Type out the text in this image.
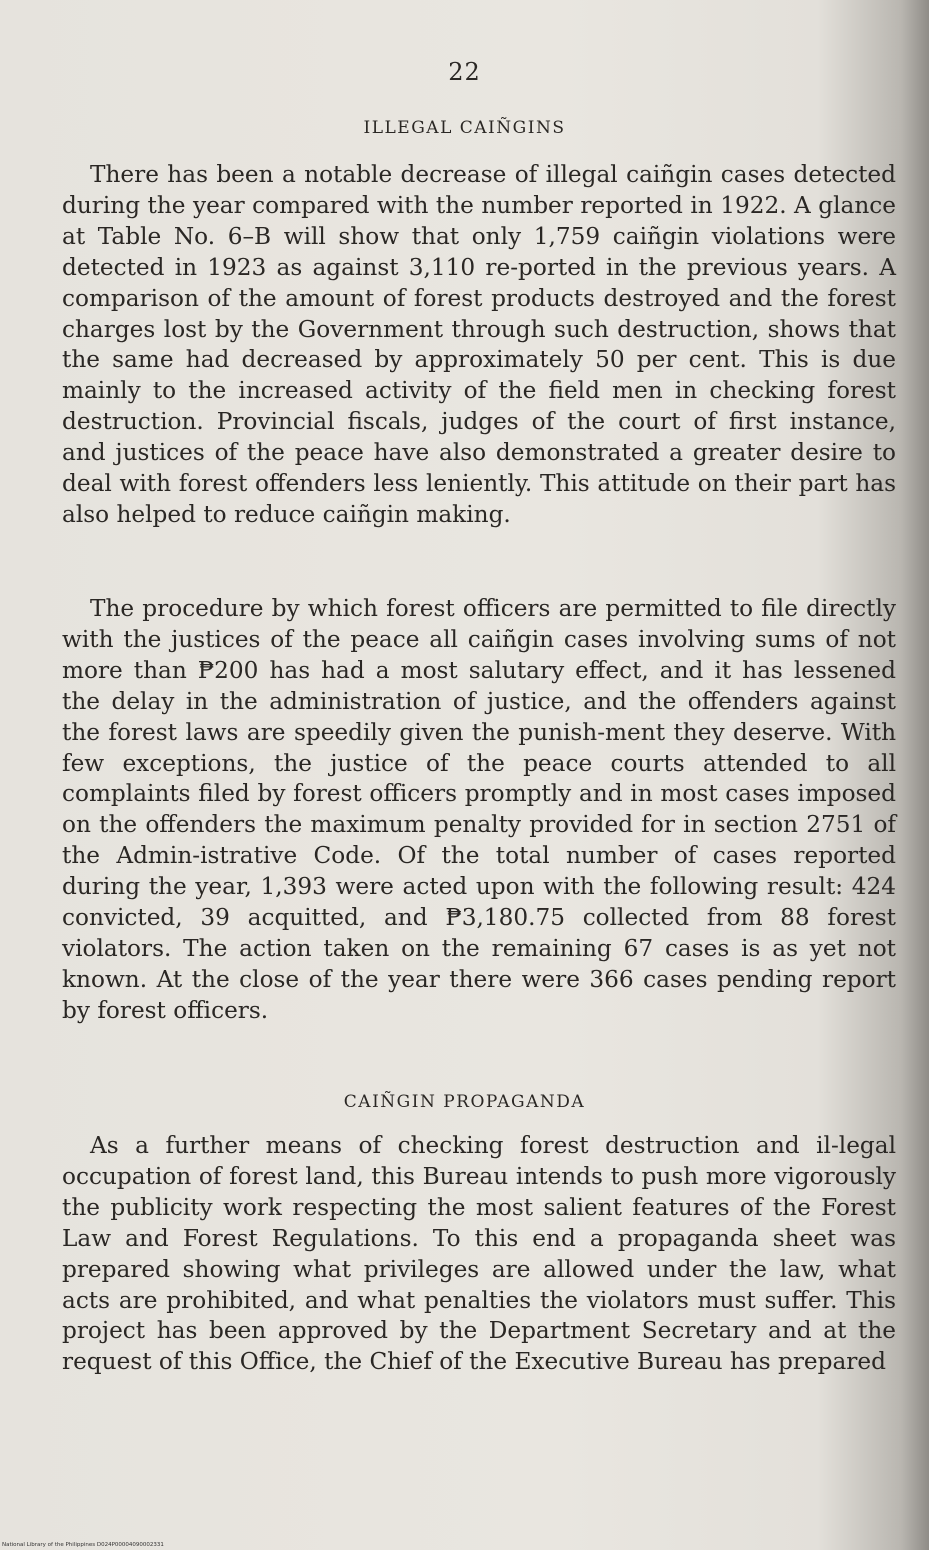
22
ILLEGAL CAIÑGINS

There has been a notable decrease of illegal caiñgin cases detected during the year compared with the number reported in 1922. A glance at Table No. 6–B will show that only 1,759 caiñgin violations were detected in 1923 as against 3,110 re-ported in the previous years. A comparison of the amount of forest products destroyed and the forest charges lost by the Government through such destruction, shows that the same had decreased by approximately 50 per cent. This is due mainly to the increased activity of the field men in checking forest destruction. Provincial fiscals, judges of the court of first instance, and justices of the peace have also demonstrated a greater desire to deal with forest offenders less leniently. This attitude on their part has also helped to reduce caiñgin making.

The procedure by which forest officers are permitted to file directly with the justices of the peace all caiñgin cases involving sums of not more than ₱200 has had a most salutary effect, and it has lessened the delay in the administration of justice, and the offenders against the forest laws are speedily given the punish-ment they deserve. With few exceptions, the justice of the peace courts attended to all complaints filed by forest officers promptly and in most cases imposed on the offenders the maximum penalty provided for in section 2751 of the Admin-istrative Code. Of the total number of cases reported during the year, 1,393 were acted upon with the following result: 424 convicted, 39 acquitted, and ₱3,180.75 collected from 88 forest violators. The action taken on the remaining 67 cases is as yet not known. At the close of the year there were 366 cases pending report by forest officers.

CAIÑGIN PROPAGANDA

As a further means of checking forest destruction and il-legal occupation of forest land, this Bureau intends to push more vigorously the publicity work respecting the most salient features of the Forest Law and Forest Regulations. To this end a propaganda sheet was prepared showing what privileges are allowed under the law, what acts are prohibited, and what penalties the violators must suffer. This project has been approved by the Department Secretary and at the request of this Office, the Chief of the Executive Bureau has prepared

National Library of the Philippines D024P00004090002331
